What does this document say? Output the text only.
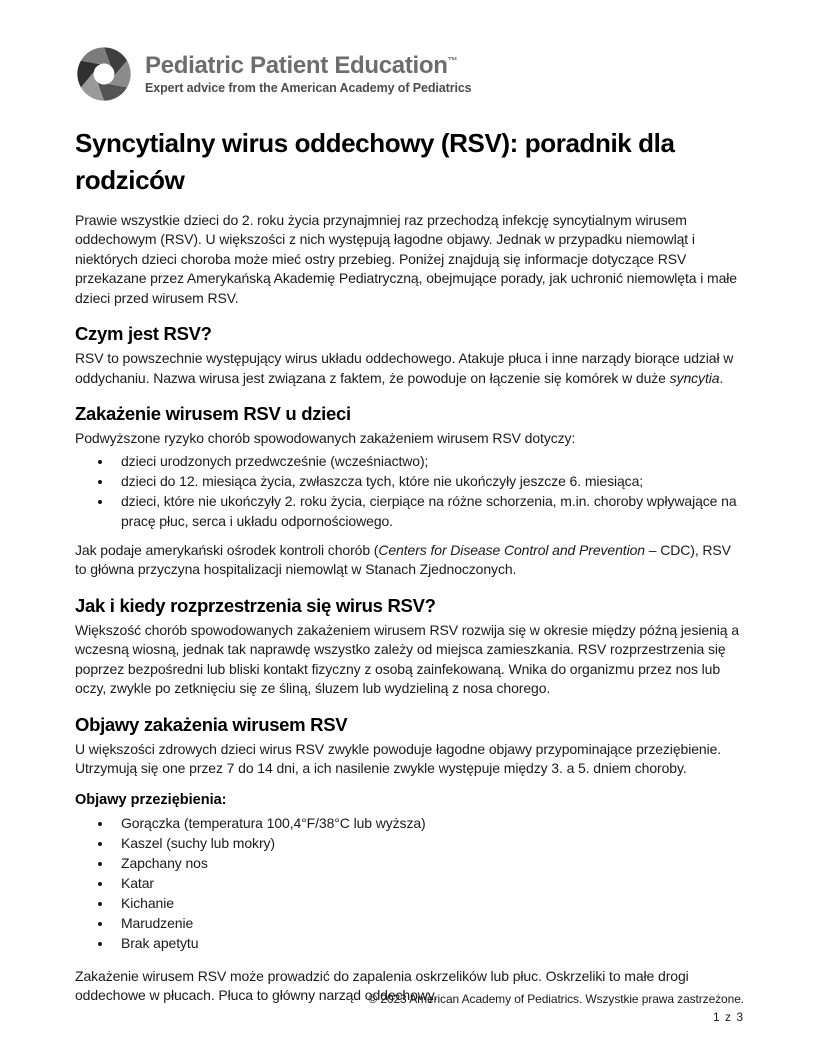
Pediatric Patient Education™
Expert advice from the American Academy of Pediatrics
Syncytialny wirus oddechowy (RSV): poradnik dla rodziców

Prawie wszystkie dzieci do 2. roku życia przynajmniej raz przechodzą infekcję syncytialnym wirusem oddechowym (RSV). U większości z nich występują łagodne objawy. Jednak w przypadku niemowląt i niektórych dzieci choroba może mieć ostry przebieg. Poniżej znajdują się informacje dotyczące RSV przekazane przez Amerykańską Akademię Pediatryczną, obejmujące porady, jak uchronić niemowlęta i małe dzieci przed wirusem RSV.

Czym jest RSV?

RSV to powszechnie występujący wirus układu oddechowego. Atakuje płuca i inne narządy biorące udział w oddychaniu. Nazwa wirusa jest związana z faktem, że powoduje on łączenie się komórek w duże syncytia.

Zakażenie wirusem RSV u dzieci

Podwyższone ryzyko chorób spowodowanych zakażeniem wirusem RSV dotyczy:

• dzieci urodzonych przedwcześnie (wcześniactwo);
• dzieci do 12. miesiąca życia, zwłaszcza tych, które nie ukończyły jeszcze 6. miesiąca;
• dzieci, które nie ukończyły 2. roku życia, cierpiące na różne schorzenia, m.in. choroby wpływające na pracę płuc, serca i układu odpornościowego.

Jak podaje amerykański ośrodek kontroli chorób (Centers for Disease Control and Prevention – CDC), RSV to główna przyczyna hospitalizacji niemowląt w Stanach Zjednoczonych.

Jak i kiedy rozprzestrzenia się wirus RSV?

Większość chorób spowodowanych zakażeniem wirusem RSV rozwija się w okresie między późną jesienią a wczesną wiosną, jednak tak naprawdę wszystko zależy od miejsca zamieszkania. RSV rozprzestrzenia się poprzez bezpośredni lub bliski kontakt fizyczny z osobą zainfekowaną. Wnika do organizmu przez nos lub oczy, zwykle po zetknięciu się ze śliną, śluzem lub wydzieliną z nosa chorego.

Objawy zakażenia wirusem RSV

U większości zdrowych dzieci wirus RSV zwykle powoduje łagodne objawy przypominające przeziębienie. Utrzymują się one przez 7 do 14 dni, a ich nasilenie zwykle występuje między 3. a 5. dniem choroby.

Objawy przeziębienia:
• Gorączka (temperatura 100,4°F/38°C lub wyższa)
• Kaszel (suchy lub mokry)
• Zapchany nos
• Katar
• Kichanie
• Marudzenie
• Brak apetytu

Zakażenie wirusem RSV może prowadzić do zapalenia oskrzelików lub płuc. Oskrzeliki to małe drogi oddechowe w płucach. Płuca to główny narząd oddechowy.

© 2023 American Academy of Pediatrics. Wszystkie prawa zastrzeżone.
1 z 3
